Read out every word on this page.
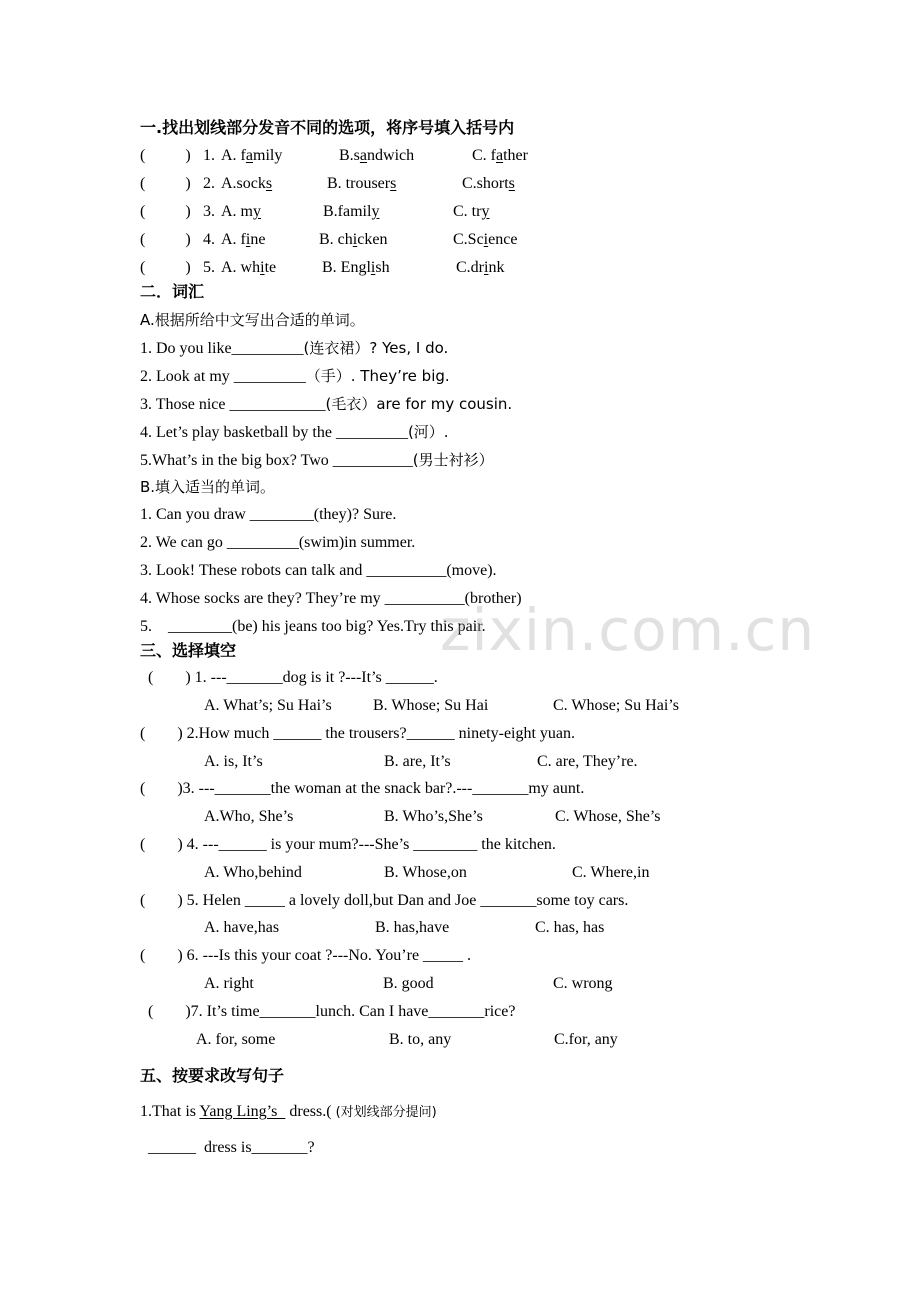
一.找出划线部分发音不同的选项，将序号填入括号内
(          ) 1. A. family	B.sandwich	C. father
(          ) 2. A.socks	B. trousers	C.shorts
(          ) 3. A. my	B.family	C. try
(          ) 4. A. fine	B. chicken	C.Science
(          ) 5. A. white	B. English	C.drink
二．词汇
A.根据所给中文写出合适的单词。
1. Do you like_________(连衣裙）? Yes, I do.
2. Look at my _________（手）. They’re big.
3. Those nice ____________(毛衣）are for my cousin.
4. Let’s play basketball by the _________(河）.
5.What’s in the big box? Two __________(男士衬衫）
B.填入适当的单词。
1. Can you draw ________(they)? Sure.
2. We can go _________(swim)in summer.
3. Look! These robots can talk and __________(move).
4. Whose socks are they? They’re my __________(brother)
5.    ________(be) his jeans too big? Yes.Try this pair.
zixin.com.cn
三、选择填空
(        ) 1. ---_______dog is it ?---It’s ______.
A. What’s; Su Hai’s	B. Whose; Su Hai	C. Whose; Su Hai’s
(        ) 2.How much ______ the trousers?______ ninety-eight yuan.
A. is, It’s	B. are, It’s	C. are, They’re.
(        )3. ---_______the woman at the snack bar?.---_______my aunt.
A.Who, She’s	B. Who’s,She’s	C. Whose, She’s
(        ) 4. ---______ is your mum?---She’s ________ the kitchen.
A. Who,behind	B. Whose,on	C. Where,in
(        ) 5. Helen _____ a lovely doll,but Dan and Joe _______some toy cars.
A. have,has	B. has,have	C. has, has
(        ) 6. ---Is this your coat ?---No. You’re _____ .
A. right	B. good	C. wrong
(        )7. It’s time_______lunch. Can I have_______rice?
A. for, some	B. to, any	C.for, any
五、按要求改写句子
1.That is Yang Ling’s   dress.( (对划线部分提问)
______  dress is_______?
